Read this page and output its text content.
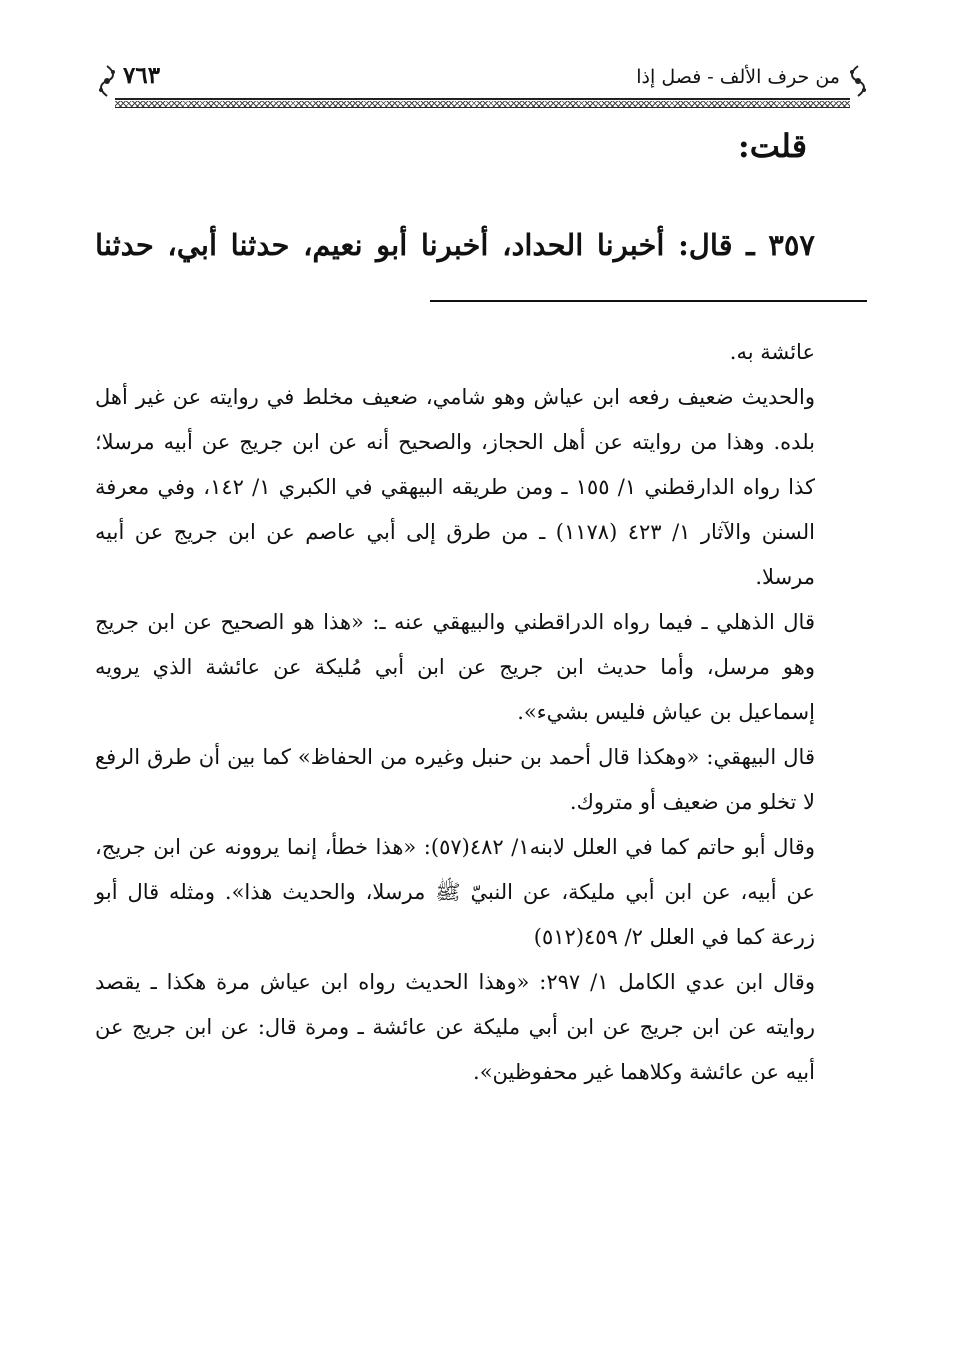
من حرف الألف - فصل إذا
٧٦٣
قلت:
٣٥٧ ـ قال: أخبرنا الحداد، أخبرنا أبو نعيم، حدثنا أبي، حدثنا

عائشة به.

والحديث ضعيف رفعه ابن عياش وهو شامي، ضعيف مخلط في روايته عن غير أهل بلده. وهذا من روايته عن أهل الحجاز، والصحيح أنه عن ابن جريج عن أبيه مرسلا؛ كذا رواه الدارقطني ١/ ١٥٥ ـ ومن طريقه البيهقي في الكبري ١/ ١٤٢، وفي معرفة السنن والآثار ١/ ٤٢٣ (١١٧٨) ـ من طرق إلى أبي عاصم عن ابن جريج عن أبيه مرسلا.

قال الذهلي ـ فيما رواه الدراقطني والبيهقي عنه ـ: «هذا هو الصحيح عن ابن جريج وهو مرسل، وأما حديث ابن جريج عن ابن أبي مُليكة عن عائشة الذي يرويه إسماعيل بن عياش فليس بشيء».

قال البيهقي: «وهكذا قال أحمد بن حنبل وغيره من الحفاظ» كما بين أن طرق الرفع لا تخلو من ضعيف أو متروك.

وقال أبو حاتم كما في العلل لابنه١/ ٤٨٢(٥٧): «هذا خطأ، إنما يروونه عن ابن جريج، عن أبيه، عن ابن أبي مليكة، عن النبيّ ﷺ مرسلا، والحديث هذا». ومثله قال أبو زرعة كما في العلل ٢/ ٤٥٩(٥١٢)

وقال ابن عدي الكامل ١/ ٢٩٧: «وهذا الحديث رواه ابن عياش مرة هكذا ـ يقصد روايته عن ابن جريج عن ابن أبي مليكة عن عائشة ـ ومرة قال: عن ابن جريج عن أبيه عن عائشة وكلاهما غير محفوظين».
